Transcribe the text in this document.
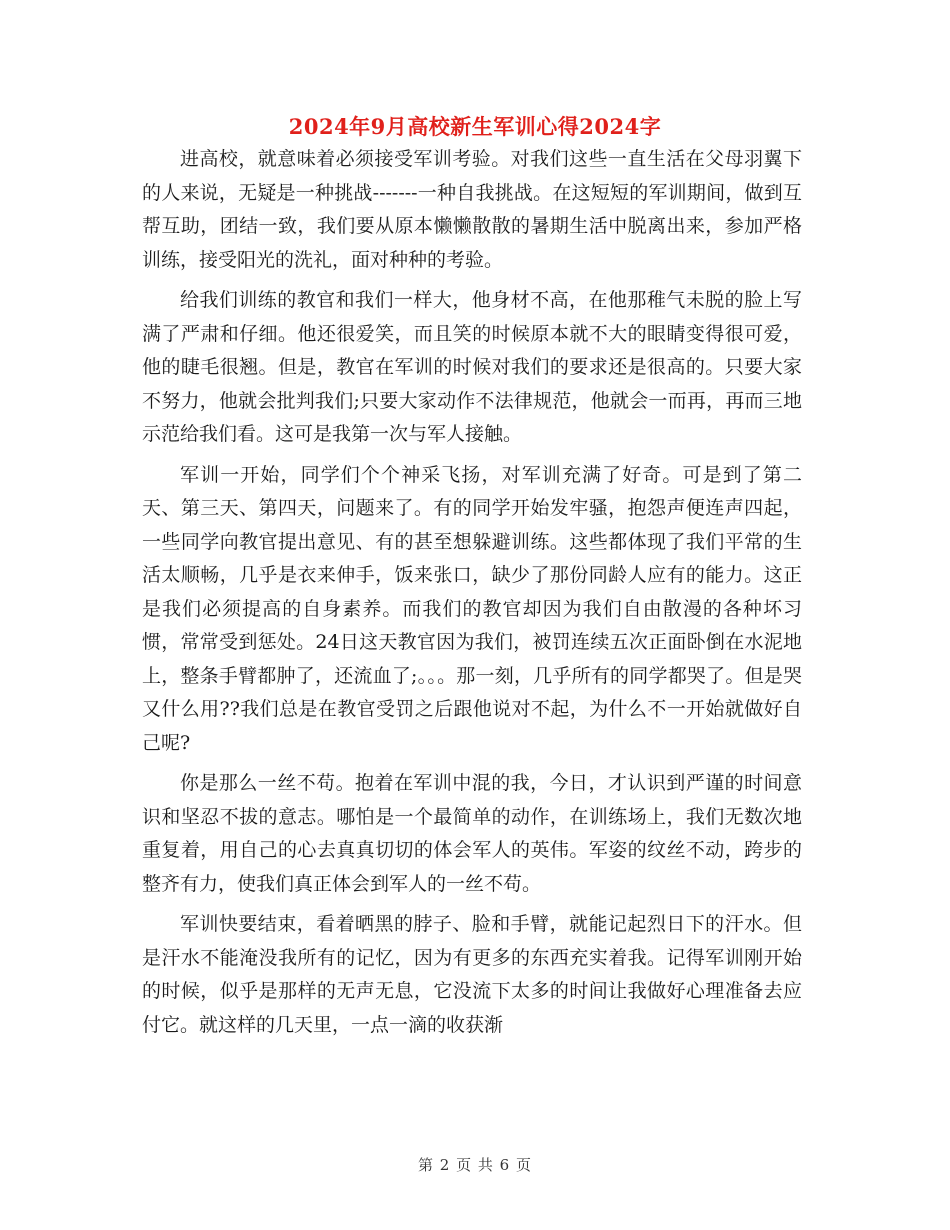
2024年9月高校新生军训心得2024字

进高校，就意味着必须接受军训考验。对我们这些一直生活在父母羽翼下的人来说，无疑是一种挑战-------一种自我挑战。在这短短的军训期间，做到互帮互助，团结一致，我们要从原本懒懒散散的暑期生活中脱离出来，参加严格训练，接受阳光的洗礼，面对种种的考验。

给我们训练的教官和我们一样大，他身材不高，在他那稚气未脱的脸上写满了严肃和仔细。他还很爱笑，而且笑的时候原本就不大的眼睛变得很可爱，他的睫毛很翘。但是，教官在军训的时候对我们的要求还是很高的。只要大家不努力，他就会批判我们;只要大家动作不法律规范，他就会一而再，再而三地示范给我们看。这可是我第一次与军人接触。

军训一开始，同学们个个神采飞扬，对军训充满了好奇。可是到了第二天、第三天、第四天，问题来了。有的同学开始发牢骚，抱怨声便连声四起，一些同学向教官提出意见、有的甚至想躲避训练。这些都体现了我们平常的生活太顺畅，几乎是衣来伸手，饭来张口，缺少了那份同龄人应有的能力。这正是我们必须提高的自身素养。而我们的教官却因为我们自由散漫的各种坏习惯，常常受到惩处。24日这天教官因为我们，被罚连续五次正面卧倒在水泥地上，整条手臂都肿了，还流血了;。。。那一刻，几乎所有的同学都哭了。但是哭又什么用??我们总是在教官受罚之后跟他说对不起，为什么不一开始就做好自己呢?

你是那么一丝不苟。抱着在军训中混的我，今日，才认识到严谨的时间意识和坚忍不拔的意志。哪怕是一个最简单的动作，在训练场上，我们无数次地重复着，用自己的心去真真切切的体会军人的英伟。军姿的纹丝不动，跨步的整齐有力，使我们真正体会到军人的一丝不苟。

军训快要结束，看着晒黑的脖子、脸和手臂，就能记起烈日下的汗水。但是汗水不能淹没我所有的记忆，因为有更多的东西充实着我。记得军训刚开始的时候，似乎是那样的无声无息，它没流下太多的时间让我做好心理准备去应付它。就这样的几天里，一点一滴的收获渐

第 2 页 共 6 页
